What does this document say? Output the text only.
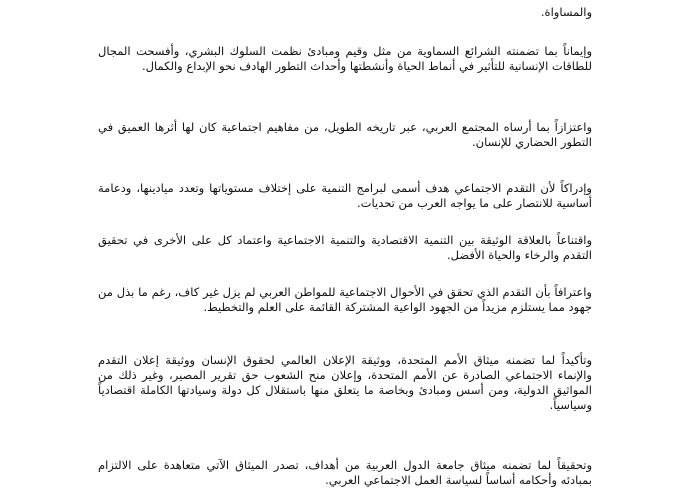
والمساواة.

وإيماناً بما تضمنته الشرائع السماوية من مثل وقيم ومبادئ نظمت السلوك البشري، وأفسحت المجال للطاقات الإنسانية للتأثير في أنماط الحياة وأنشطتها وأحداث التطور الهادف نحو الإبداع والكمال.

واعتزازاً بما أرساه المجتمع العربي، عبر تاريخه الطويل، من مفاهيم اجتماعية كان لها أثرها العميق في التطور الحضاري للإنسان.

وإدراكاً لأن التقدم الاجتماعي هدف أسمى لبرامج التنمية على إختلاف مستوياتها وتعدد ميادينها، ودعامة أساسية للانتصار على ما يواجه العرب من تحديات.

واقتناعاً بالعلاقة الوثيقة بين التنمية الاقتصادية والتنمية الاجتماعية واعتماد كل على الأخرى في تحقيق التقدم والرخاء والحياة الأفضل.

واعترافاً بأن التقدم الذي تحقق في الأحوال الاجتماعية للمواطن العربي لم يزل غير كاف، رغم ما بذل من جهود مما يستلزم مزيداً من الجهود الواعية المشتركة القائمة على العلم والتخطيط.

وتأكيداً لما تضمنه ميثاق الأمم المتحدة، ووثيقة الإعلان العالمي لحقوق الإنسان ووثيقة إعلان التقدم والإنماء الاجتماعي الصادرة عن الأمم المتحدة، وإعلان منح الشعوب حق تقرير المصير، وغير ذلك من المواثيق الدولية، ومن أسس ومبادئ وبخاصة ما يتعلق منها باستقلال كل دولة وسيادتها الكاملة اقتصادياً وسياسياً.

وتحقيقاً لما تضمنه ميثاق جامعة الدول العربية من أهداف، تصدر الميثاق الآتي متعاهدة على الالتزام بمبادئه وأحكامه أساساً لسياسة العمل الاجتماعي العربي.
